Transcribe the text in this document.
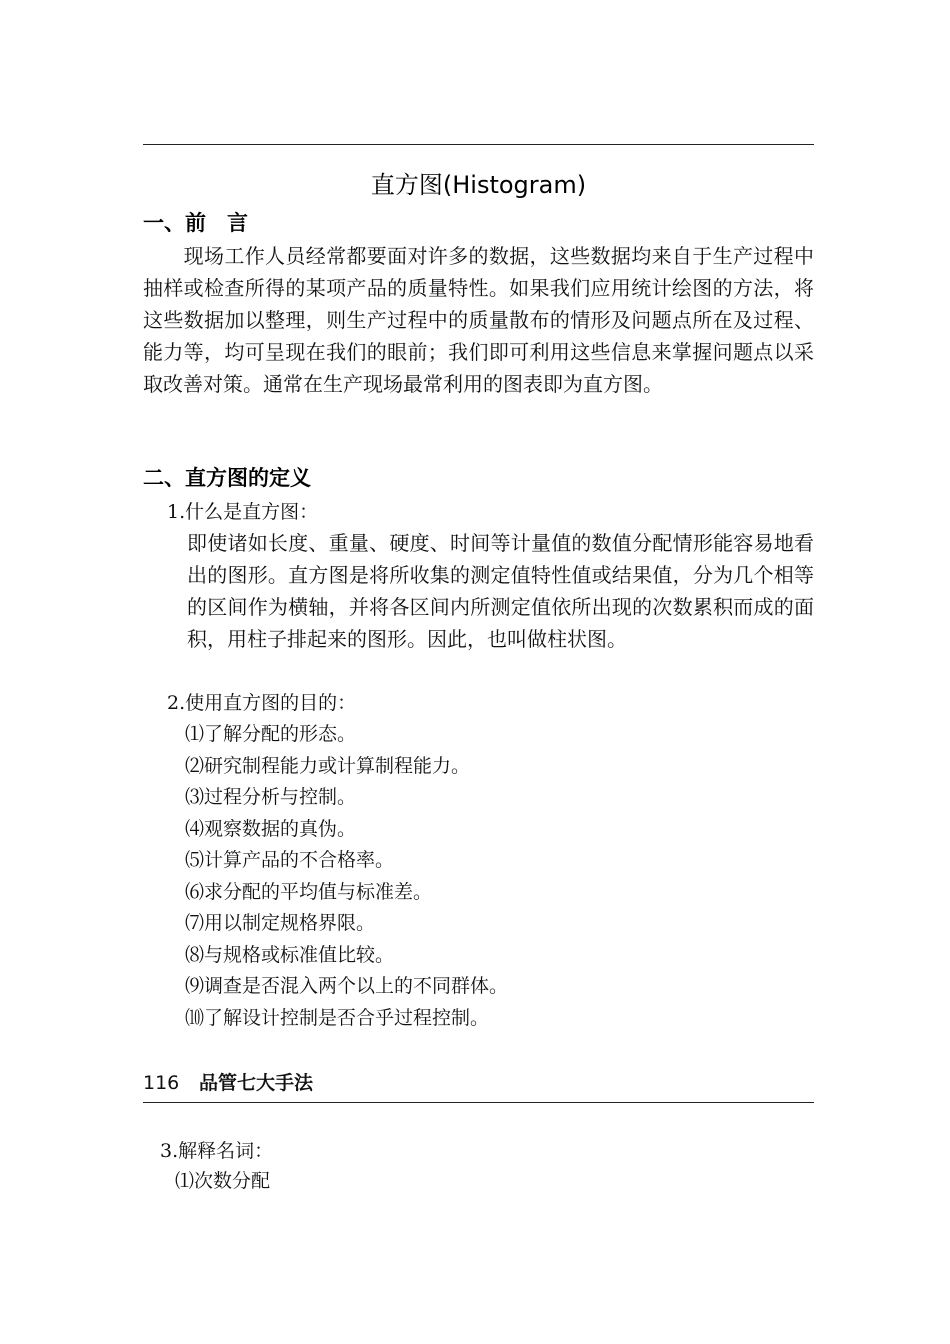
直方图(Histogram)
一、前　言

　　现场工作人员经常都要面对许多的数据，这些数据均来自于生产过程中抽样或检查所得的某项产品的质量特性。如果我们应用统计绘图的方法，将这些数据加以整理，则生产过程中的质量散布的情形及问题点所在及过程、能力等，均可呈现在我们的眼前；我们即可利用这些信息来掌握问题点以采取改善对策。通常在生产现场最常利用的图表即为直方图。

二、直方图的定义
1.什么是直方图：

即使诸如长度、重量、硬度、时间等计量值的数值分配情形能容易地看出的图形。直方图是将所收集的测定值特性值或结果值，分为几个相等的区间作为横轴，并将各区间内所测定值依所出现的次数累积而成的面积，用柱子排起来的图形。因此，也叫做柱状图。

2.使用直方图的目的：
⑴了解分配的形态。
⑵研究制程能力或计算制程能力。
⑶过程分析与控制。
⑷观察数据的真伪。
⑸计算产品的不合格率。
⑹求分配的平均值与标准差。
⑺用以制定规格界限。
⑻与规格或标准值比较。
⑼调查是否混入两个以上的不同群体。
⑽了解设计控制是否合乎过程控制。
116 品管七大手法
3.解释名词：
⑴次数分配
